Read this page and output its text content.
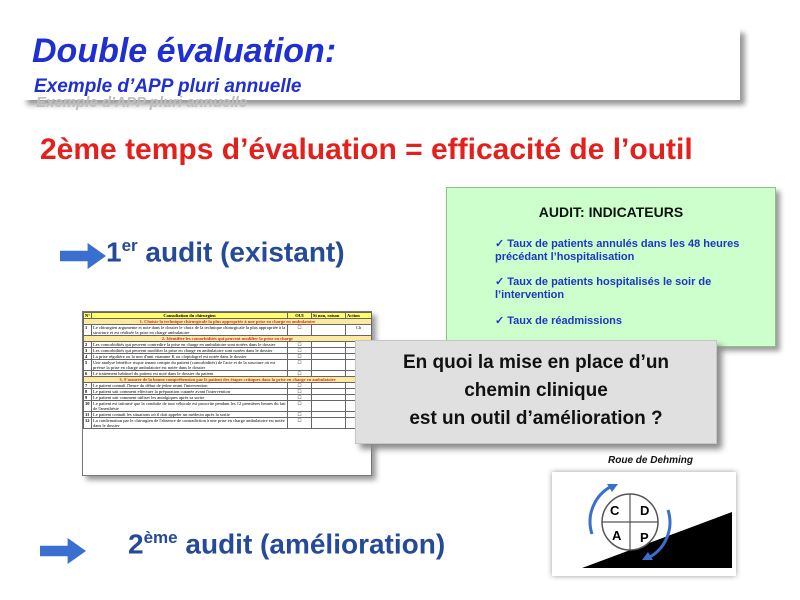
Double évaluation:
Exemple d’APP pluri annuelle
Exemple d’APP pluri annuelle
2ème temps d’évaluation = efficacité de l’outil
1er audit (existant)
AUDIT: INDICATEURS
✓ Taux de patients annulés dans les 48 heures précédant l’hospitalisation
✓ Taux de patients hospitalisés le soir de l’intervention
✓ Taux de réadmissions
N°	Consultation du chirurgien	OUI	Si non, raison	Action
1. Choisir la technique chirurgicale la plus appropriée à une prise en charge en ambulatoire				
1	Le chirurgien argumente et note dans le dossier le choix de la technique chirurgicale la plus appropriée à la structure et est réalisée la prise en charge ambulatoire	☐		Ch
2. Identifier les comorbidités qui peuvent modifier la prise en charge				
2	Les comorbidités qui peuvent contredire la prise en charge en ambulatoire sont notées dans le dossier	☐		
3	Les comorbidités qui peuvent modifier la prise en charge en ambulatoire sont notées dans le dossier	☐		
4	La prise régulière ou la non d'anti vitamine K ou clopidogrel est notée dans le dossier	☐		
5	Une analyse bénéfice risque tenant compte du patient (comorbidités) de l'acte et de la structure où est prévue la prise en charge ambulatoire est notée dans le dossier	☐		
6	Le traitement habituel du patient est noté dans le dossier du patient	☐		
3. S'assurer de la bonne compréhension par le patient des étapes critiques dans la prise en charge en ambulatoire				
7	Le patient connaît l'heure du début de jeûne avant l'intervention	☐		
8	Le patient sait comment effectuer la préparation cutanée avant l'intervention	☐		
9	Le patient sait comment utiliser les antalgiques après sa sortie	☐		
10	Le patient est informé que la conduite de tout véhicule est proscrite pendant les 12 premières heures du fait de l'anesthésie	☐		
11	Le patient connaît les situations où il doit appeler un médecin après la sortie	☐		
12	La confirmation par le chirurgien de l'absence de contradiction à une prise en charge ambulatoire est notée dans le dossier	☐		
En quoi la mise en place d’un
chemin clinique
est un outil d’amélioration ?
Roue de Dehming
C D
A P
2ème audit (amélioration)
